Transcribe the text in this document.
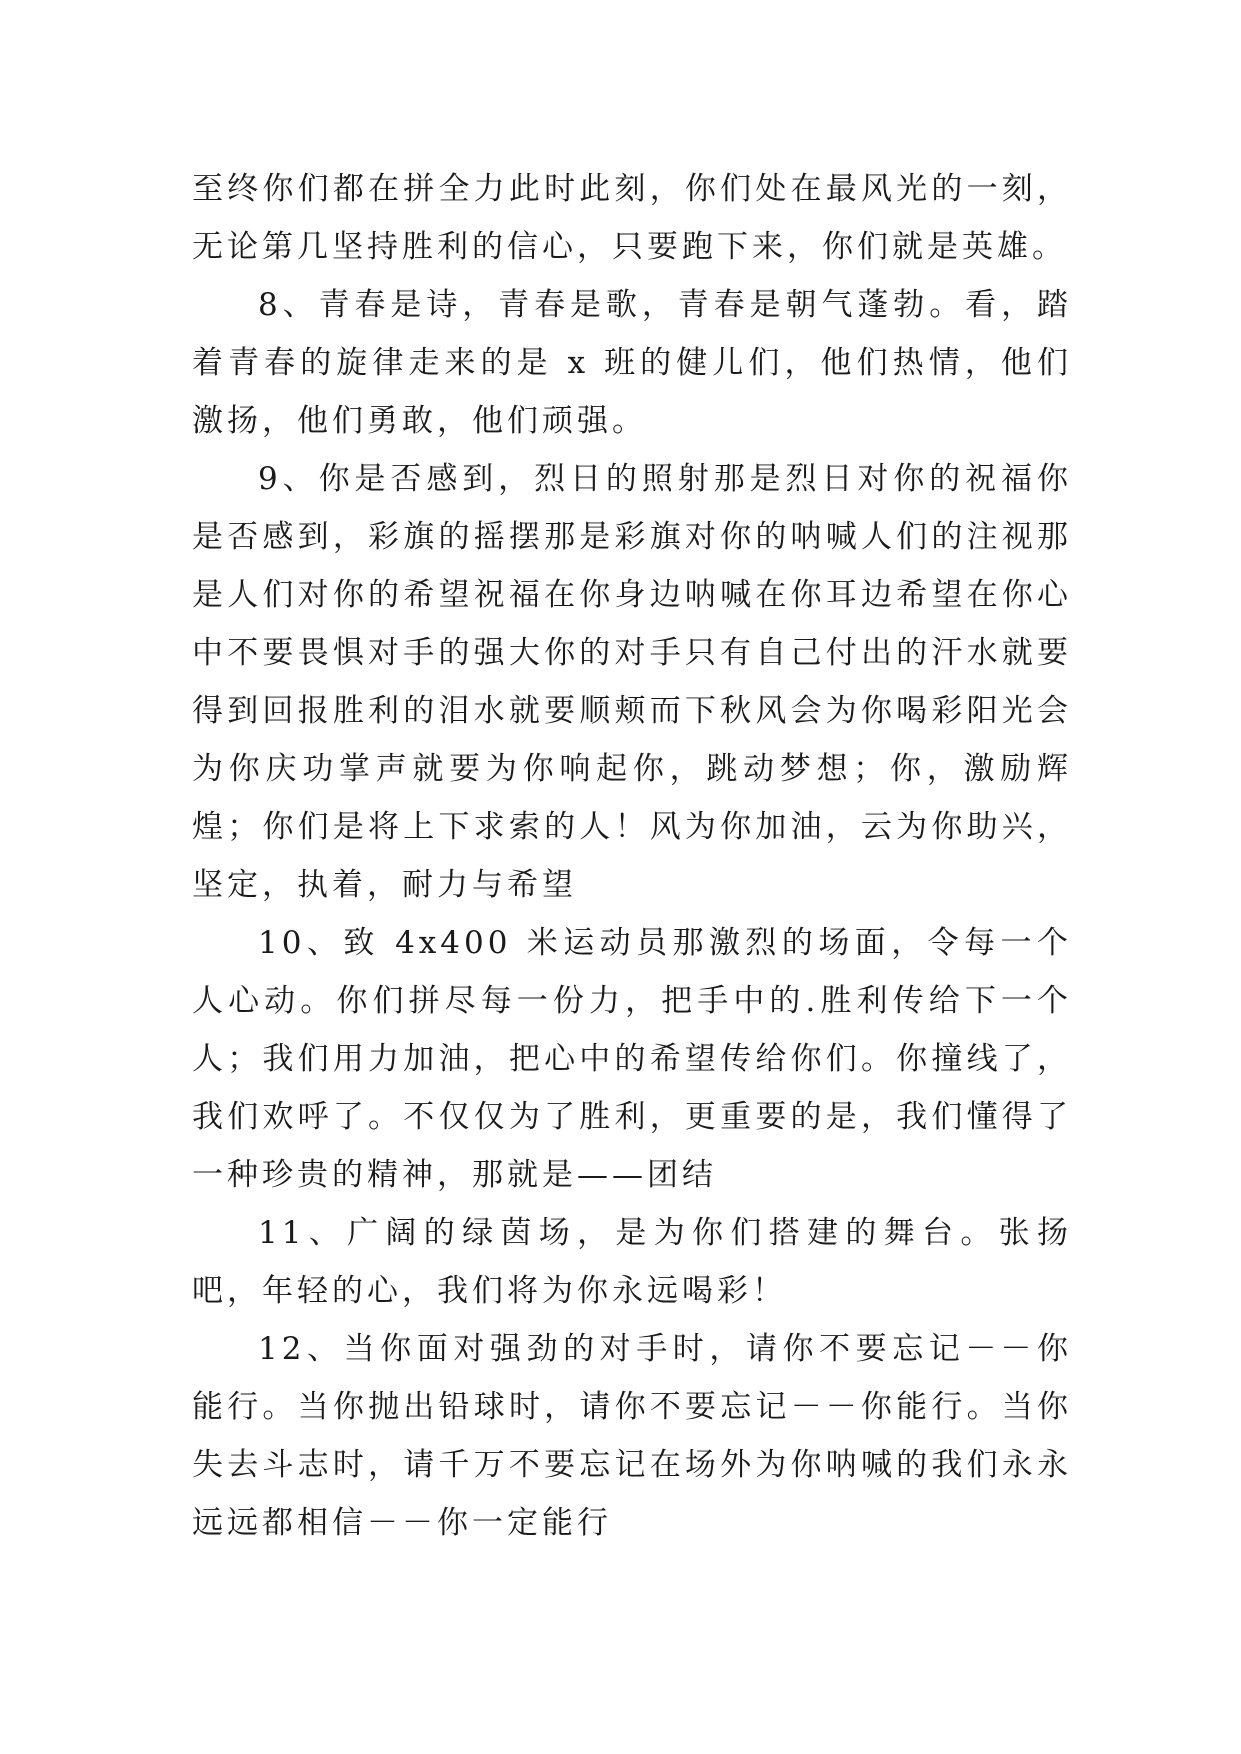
至终你们都在拼全力此时此刻，你们处在最风光的一刻，无论第几坚持胜利的信心，只要跑下来，你们就是英雄。

8、青春是诗，青春是歌，青春是朝气蓬勃。看，踏着青春的旋律走来的是 x 班的健儿们，他们热情，他们激扬，他们勇敢，他们顽强。

9、你是否感到，烈日的照射那是烈日对你的祝福你是否感到，彩旗的摇摆那是彩旗对你的呐喊人们的注视那是人们对你的希望祝福在你身边呐喊在你耳边希望在你心中不要畏惧对手的强大你的对手只有自己付出的汗水就要得到回报胜利的泪水就要顺颊而下秋风会为你喝彩阳光会为你庆功掌声就要为你响起你，跳动梦想；你，激励辉煌；你们是将上下求索的人！风为你加油，云为你助兴，坚定，执着，耐力与希望

10、致 4x400 米运动员那激烈的场面，令每一个人心动。你们拼尽每一份力，把手中的.胜利传给下一个人；我们用力加油，把心中的希望传给你们。你撞线了，我们欢呼了。不仅仅为了胜利，更重要的是，我们懂得了一种珍贵的精神，那就是——团结

11、广阔的绿茵场，是为你们搭建的舞台。张扬吧，年轻的心，我们将为你永远喝彩！

12、当你面对强劲的对手时，请你不要忘记－－你能行。当你抛出铅球时，请你不要忘记－－你能行。当你失去斗志时，请千万不要忘记在场外为你呐喊的我们永永远远都相信－－你一定能行
